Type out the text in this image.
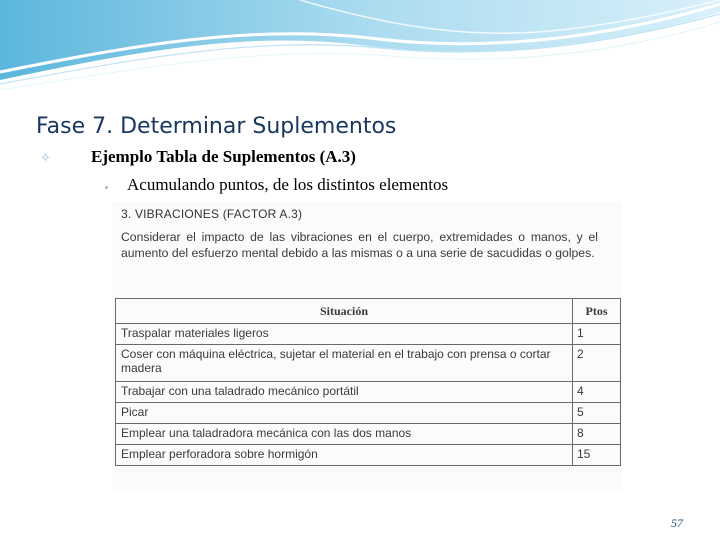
Fase 7. Determinar Suplementos
✧ Ejemplo Tabla de Suplementos (A.3)
Acumulando puntos, de los distintos elementos
3. VIBRACIONES (FACTOR A.3)
Considerar el impacto de las vibraciones en el cuerpo, extremidades o manos, y el aumento del esfuerzo mental debido a las mismas o a una serie de sacudidas o golpes.
Situación	Ptos
Traspalar materiales ligeros	1
Coser con máquina eléctrica, sujetar el material en el trabajo con prensa o cortar madera	2
Trabajar con una taladrado mecánico portátil	4
Picar	5
Emplear una taladradora mecánica con las dos manos	8
Emplear perforadora sobre hormigón	15
57
